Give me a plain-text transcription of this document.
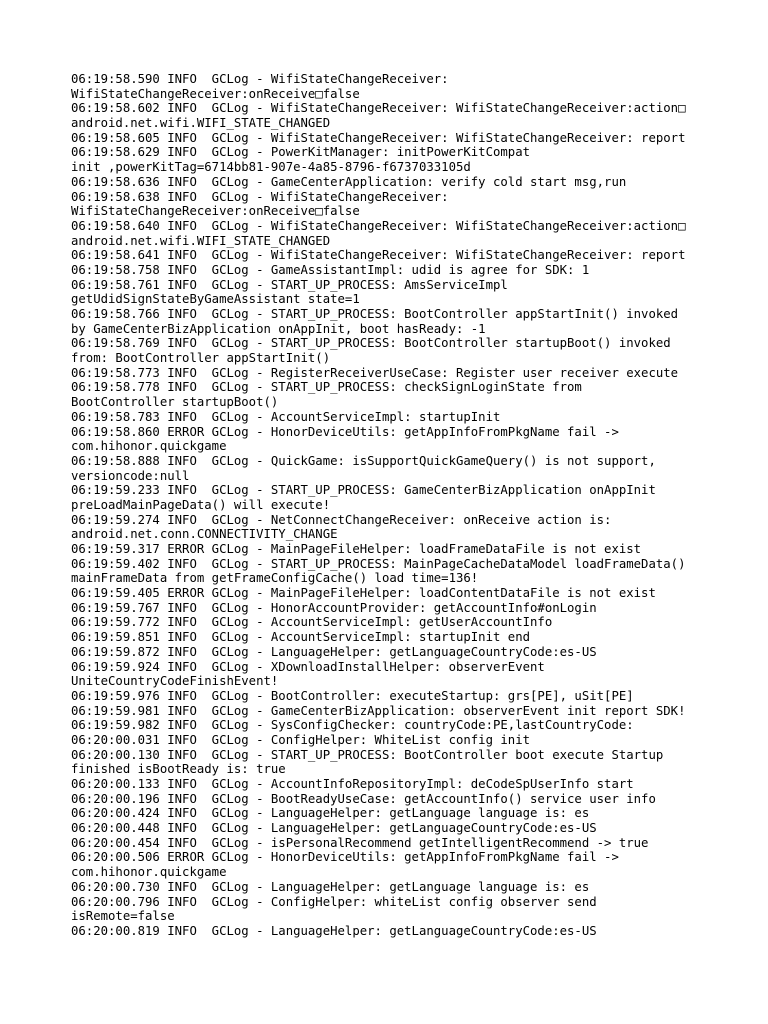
06:19:58.590 INFO  GCLog - WifiStateChangeReceiver:
WifiStateChangeReceiver:onReceive□false
06:19:58.602 INFO  GCLog - WifiStateChangeReceiver: WifiStateChangeReceiver:action□
android.net.wifi.WIFI_STATE_CHANGED
06:19:58.605 INFO  GCLog - WifiStateChangeReceiver: WifiStateChangeReceiver: report
06:19:58.629 INFO  GCLog - PowerKitManager: initPowerKitCompat
init ,powerKitTag=6714bb81-907e-4a85-8796-f6737033105d
06:19:58.636 INFO  GCLog - GameCenterApplication: verify cold start msg,run
06:19:58.638 INFO  GCLog - WifiStateChangeReceiver:
WifiStateChangeReceiver:onReceive□false
06:19:58.640 INFO  GCLog - WifiStateChangeReceiver: WifiStateChangeReceiver:action□
android.net.wifi.WIFI_STATE_CHANGED
06:19:58.641 INFO  GCLog - WifiStateChangeReceiver: WifiStateChangeReceiver: report
06:19:58.758 INFO  GCLog - GameAssistantImpl: udid is agree for SDK: 1
06:19:58.761 INFO  GCLog - START_UP_PROCESS: AmsServiceImpl
getUdidSignStateByGameAssistant state=1
06:19:58.766 INFO  GCLog - START_UP_PROCESS: BootController appStartInit() invoked
by GameCenterBizApplication onAppInit, boot hasReady: -1
06:19:58.769 INFO  GCLog - START_UP_PROCESS: BootController startupBoot() invoked
from: BootController appStartInit()
06:19:58.773 INFO  GCLog - RegisterReceiverUseCase: Register user receiver execute
06:19:58.778 INFO  GCLog - START_UP_PROCESS: checkSignLoginState from
BootController startupBoot()
06:19:58.783 INFO  GCLog - AccountServiceImpl: startupInit
06:19:58.860 ERROR GCLog - HonorDeviceUtils: getAppInfoFromPkgName fail ->
com.hihonor.quickgame
06:19:58.888 INFO  GCLog - QuickGame: isSupportQuickGameQuery() is not support,
versioncode:null
06:19:59.233 INFO  GCLog - START_UP_PROCESS: GameCenterBizApplication onAppInit
preLoadMainPageData() will execute!
06:19:59.274 INFO  GCLog - NetConnectChangeReceiver: onReceive action is:
android.net.conn.CONNECTIVITY_CHANGE
06:19:59.317 ERROR GCLog - MainPageFileHelper: loadFrameDataFile is not exist
06:19:59.402 INFO  GCLog - START_UP_PROCESS: MainPageCacheDataModel loadFrameData()
mainFrameData from getFrameConfigCache() load time=136!
06:19:59.405 ERROR GCLog - MainPageFileHelper: loadContentDataFile is not exist
06:19:59.767 INFO  GCLog - HonorAccountProvider: getAccountInfo#onLogin
06:19:59.772 INFO  GCLog - AccountServiceImpl: getUserAccountInfo
06:19:59.851 INFO  GCLog - AccountServiceImpl: startupInit end
06:19:59.872 INFO  GCLog - LanguageHelper: getLanguageCountryCode:es-US
06:19:59.924 INFO  GCLog - XDownloadInstallHelper: observerEvent
UniteCountryCodeFinishEvent!
06:19:59.976 INFO  GCLog - BootController: executeStartup: grs[PE], uSit[PE]
06:19:59.981 INFO  GCLog - GameCenterBizApplication: observerEvent init report SDK!
06:19:59.982 INFO  GCLog - SysConfigChecker: countryCode:PE,lastCountryCode:
06:20:00.031 INFO  GCLog - ConfigHelper: WhiteList config init
06:20:00.130 INFO  GCLog - START_UP_PROCESS: BootController boot execute Startup
finished isBootReady is: true
06:20:00.133 INFO  GCLog - AccountInfoRepositoryImpl: deCodeSpUserInfo start
06:20:00.196 INFO  GCLog - BootReadyUseCase: getAccountInfo() service user info
06:20:00.424 INFO  GCLog - LanguageHelper: getLanguage language is: es
06:20:00.448 INFO  GCLog - LanguageHelper: getLanguageCountryCode:es-US
06:20:00.454 INFO  GCLog - isPersonalRecommend getIntelligentRecommend -> true
06:20:00.506 ERROR GCLog - HonorDeviceUtils: getAppInfoFromPkgName fail ->
com.hihonor.quickgame
06:20:00.730 INFO  GCLog - LanguageHelper: getLanguage language is: es
06:20:00.796 INFO  GCLog - ConfigHelper: whiteList config observer send
isRemote=false
06:20:00.819 INFO  GCLog - LanguageHelper: getLanguageCountryCode:es-US
